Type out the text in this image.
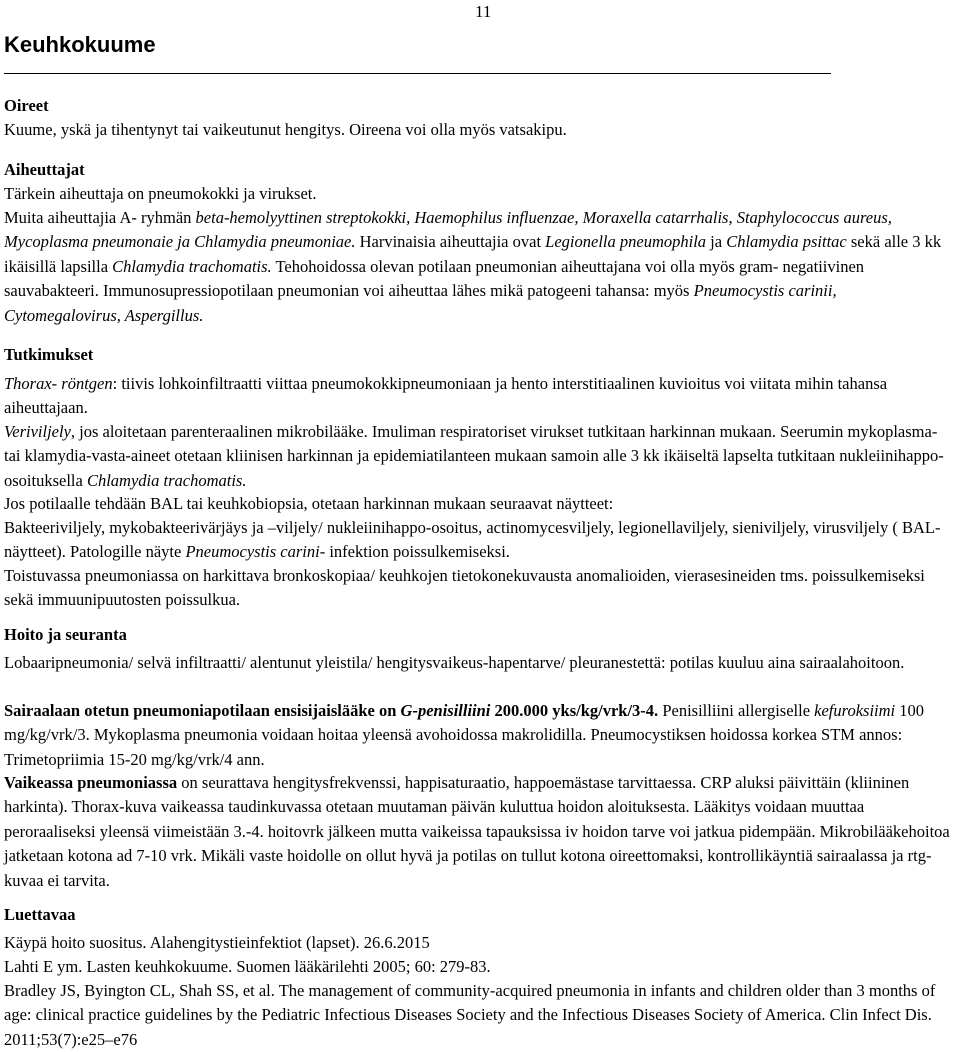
11
Keuhkokuume
Oireet

Kuume, yskä ja tihentynyt tai vaikeutunut hengitys. Oireena voi olla myös vatsakipu.

Aiheuttajat

Tärkein aiheuttaja on pneumokokki ja virukset.

Muita aiheuttajia A- ryhmän beta-hemolyyttinen streptokokki, Haemophilus influenzae, Moraxella catarrhalis, Staphylococcus aureus, Mycoplasma pneumonaie ja Chlamydia pneumoniae. Harvinaisia aiheuttajia ovat Legionella pneumophila ja Chlamydia psittac sekä alle 3 kk ikäisillä lapsilla Chlamydia trachomatis. Tehohoidossa olevan potilaan pneumonian aiheuttajana voi olla myös gram- negatiivinen sauvabakteeri. Immunosupressiopotilaan pneumonian voi aiheuttaa lähes mikä patogeeni tahansa: myös Pneumocystis carinii, Cytomegalovirus, Aspergillus.

Tutkimukset

Thorax- röntgen: tiivis lohkoinfiltraatti viittaa pneumokokkipneumoniaan ja hento interstitiaalinen kuvioitus voi viitata mihin tahansa aiheuttajaan.

Veriviljely, jos aloitetaan parenteraalinen mikrobilääke. Imuliman respiratoriset virukset tutkitaan harkinnan mukaan. Seerumin mykoplasma- tai klamydia-vasta-aineet otetaan kliinisen harkinnan ja epidemiatilanteen mukaan samoin alle 3 kk ikäiseltä lapselta tutkitaan nukleiinihappo-osoituksella Chlamydia trachomatis.

Jos potilaalle tehdään BAL tai keuhkobiopsia, otetaan harkinnan mukaan seuraavat näytteet:

Bakteeriviljely, mykobakteerivärjäys ja –viljely/ nukleiinihappo-osoitus, actinomycesviljely, legionellaviljely, sieniviljely, virusviljely ( BAL-näytteet). Patologille näyte Pneumocystis carini- infektion poissulkemiseksi.

Toistuvassa pneumoniassa on harkittava bronkoskopiaa/ keuhkojen tietokonekuvausta anomalioiden, vierasesineiden tms. poissulkemiseksi sekä immuunipuutosten poissulkua.

Hoito ja seuranta

Lobaaripneumonia/ selvä infiltraatti/ alentunut yleistila/ hengitysvaikeus-hapentarve/ pleuranestettä: potilas kuuluu aina sairaalahoitoon.

Sairaalaan otetun pneumoniapotilaan ensisijaislääke on G-penisilliini 200.000 yks/kg/vrk/3-4. Penisilliini allergiselle kefuroksiimi 100 mg/kg/vrk/3. Mykoplasma pneumonia voidaan hoitaa yleensä avohoidossa makrolidilla. Pneumocystiksen hoidossa korkea STM annos: Trimetopriimia 15-20 mg/kg/vrk/4 ann.

Vaikeassa pneumoniassa on seurattava hengitysfrekvenssi, happisaturaatio, happoemästase tarvittaessa. CRP aluksi päivittäin (kliininen harkinta). Thorax-kuva vaikeassa taudinkuvassa otetaan muutaman päivän kuluttua hoidon aloituksesta. Lääkitys voidaan muuttaa peroraaliseksi yleensä viimeistään 3.-4. hoitovrk jälkeen mutta vaikeissa tapauksissa iv hoidon tarve voi jatkua pidempään. Mikrobilääkehoitoa jatketaan kotona ad 7-10 vrk. Mikäli vaste hoidolle on ollut hyvä ja potilas on tullut kotona oireettomaksi, kontrollikäyntiä sairaalassa ja rtg-kuvaa ei tarvita.

Luettavaa

Käypä hoito suositus. Alahengitystieinfektiot (lapset). 26.6.2015

Lahti E ym. Lasten keuhkokuume. Suomen lääkärilehti 2005; 60: 279-83.

Bradley JS, Byington CL, Shah SS, et al. The management of community-acquired pneumonia in infants and children older than 3 months of age: clinical practice guidelines by the Pediatric Infectious Diseases Society and the Infectious Diseases Society of America. Clin Infect Dis. 2011;53(7):e25–e76
